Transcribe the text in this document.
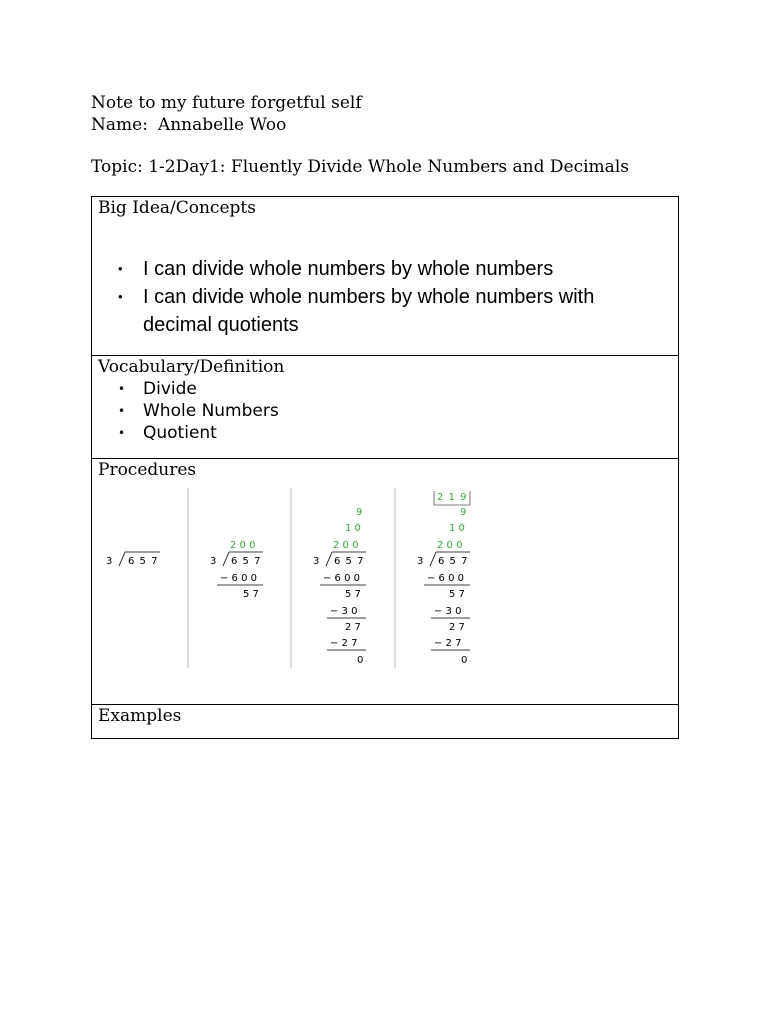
Note to my future forgetful self
Name: Annabelle Woo
Topic: 1-2Day1: Fluently Divide Whole Numbers and Decimals
Big Idea/Concepts
• I can divide whole numbers by whole numbers
• I can divide whole numbers by whole numbers with
decimal quotients

Vocabulary/Definition
• Divide
• Whole Numbers
• Quotient

Procedures
3 6 5 7
2 0 0
3 6 5 7
− 6 0 0
5 7
9
1 0
2 0 0
3 6 5 7
− 6 0 0
5 7
− 3 0
2 7
− 2 7
0
2 1 9
9
1 0
2 0 0
3 6 5 7
− 6 0 0
5 7
− 3 0
2 7
− 2 7
0

Examples
